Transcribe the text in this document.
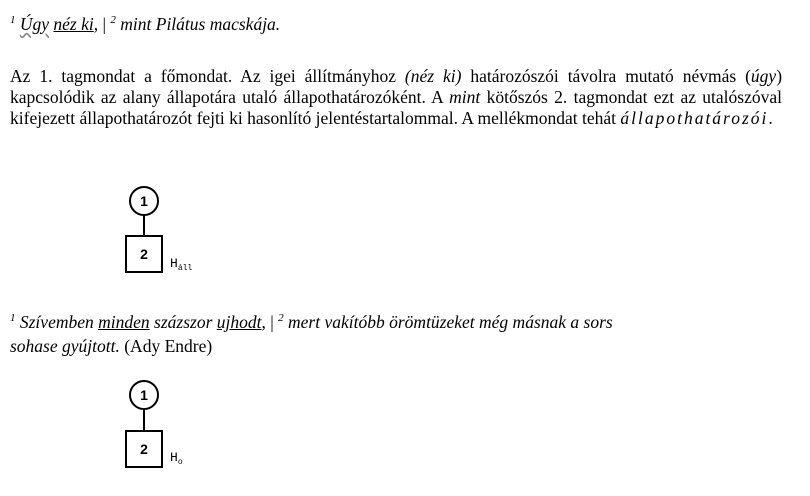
$^1$ Úgy néz ki, | $^2$ mint Pilátus macskája.
Az 1. tagmondat a főmondat. Az igei állítmányhoz (néz ki) határozószói távolra mutató névmás (úgy) kapcsolódik az alany állapotára utaló állapothatározóként. A mint kötőszós 2. tagmondat ezt az utalószóval kifejezett állapothatározót fejti ki hasonlító jelentéstartalommal. A mellékmondat tehát állapothatározói.
1
2
$H_{áll}$
$^1$ Szívemben minden százszor ujhodt, | $^2$ mert vakítóbb örömtüzeket még másnak a sors
sohase gyújtott. (Ady Endre)
1
2
$H_o$
